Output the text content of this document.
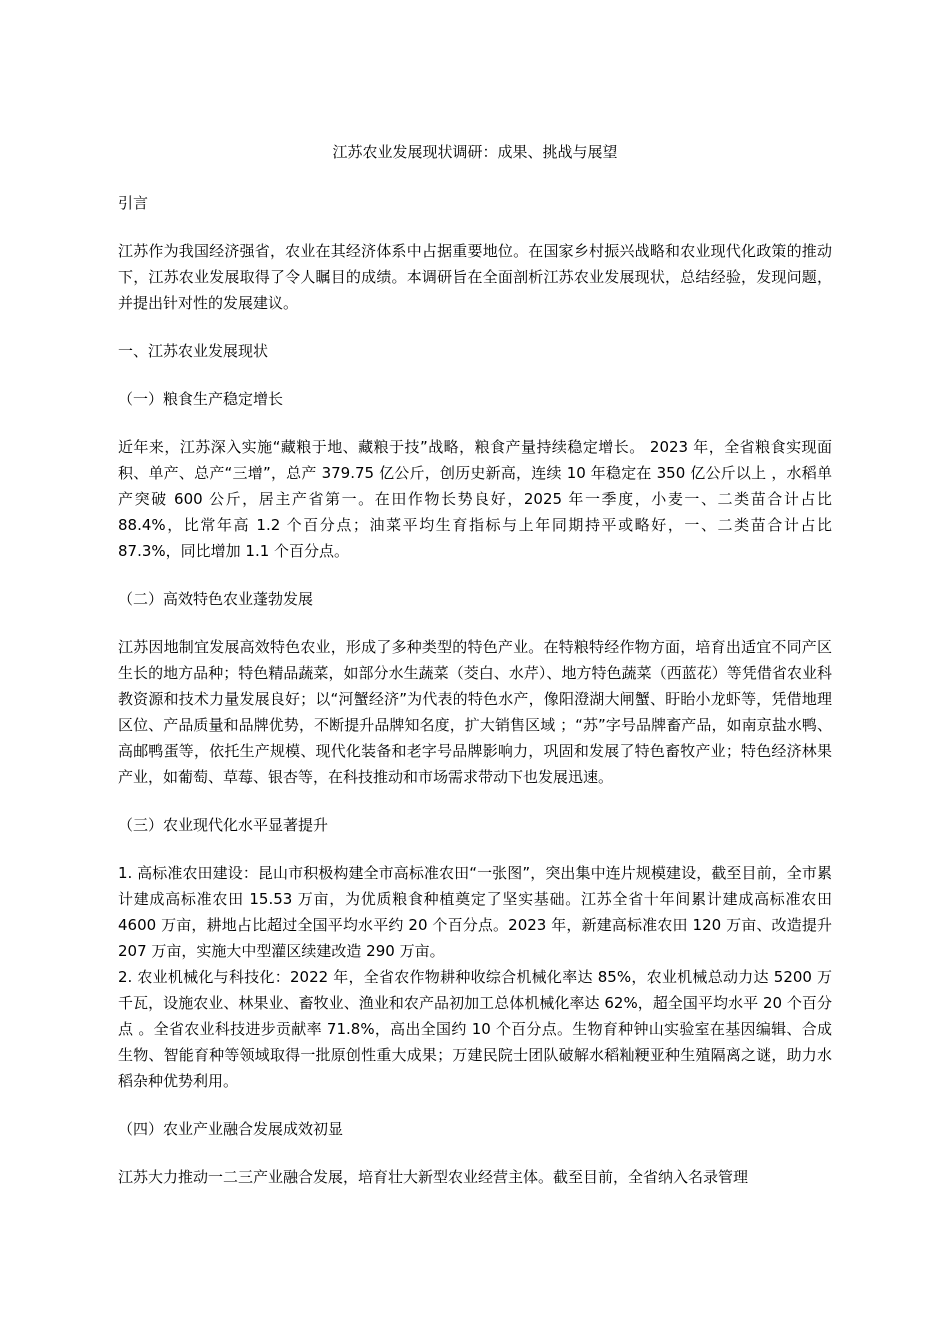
江苏农业发展现状调研：成果、挑战与展望
引言
江苏作为我国经济强省，农业在其经济体系中占据重要地位。在国家乡村振兴战略和农业现代化政策的推动下，江苏农业发展取得了令人瞩目的成绩。本调研旨在全面剖析江苏农业发展现状，总结经验，发现问题，并提出针对性的发展建议。
一、江苏农业发展现状
（一）粮食生产稳定增长
近年来，江苏深入实施“藏粮于地、藏粮于技”战略，粮食产量持续稳定增长。 2023 年，全省粮食实现面积、单产、总产“三增”，总产 379.75 亿公斤，创历史新高，连续 10 年稳定在 350 亿公斤以上 ，水稻单产突破 600 公斤，居主产省第一。在田作物长势良好，2025 年一季度，小麦一、二类苗合计占比 88.4%，比常年高 1.2 个百分点；油菜平均生育指标与上年同期持平或略好，一、二类苗合计占比 87.3%，同比增加 1.1 个百分点。
（二）高效特色农业蓬勃发展
江苏因地制宜发展高效特色农业，形成了多种类型的特色产业。在特粮特经作物方面，培育出适宜不同产区生长的地方品种；特色精品蔬菜，如部分水生蔬菜（茭白、水芹）、地方特色蔬菜（西蓝花）等凭借省农业科教资源和技术力量发展良好；以“河蟹经济”为代表的特色水产，像阳澄湖大闸蟹、盱眙小龙虾等，凭借地理区位、产品质量和品牌优势，不断提升品牌知名度，扩大销售区域 ；“苏”字号品牌畜产品，如南京盐水鸭、高邮鸭蛋等，依托生产规模、现代化装备和老字号品牌影响力，巩固和发展了特色畜牧产业；特色经济林果产业，如葡萄、草莓、银杏等，在科技推动和市场需求带动下也发展迅速。
（三）农业现代化水平显著提升
1. 高标准农田建设：昆山市积极构建全市高标准农田“一张图”，突出集中连片规模建设，截至目前，全市累计建成高标准农田 15.53 万亩，为优质粮食种植奠定了坚实基础。江苏全省十年间累计建成高标准农田 4600 万亩，耕地占比超过全国平均水平约 20 个百分点。2023 年，新建高标准农田 120 万亩、改造提升 207 万亩，实施大中型灌区续建改造 290 万亩。
2. 农业机械化与科技化：2022 年，全省农作物耕种收综合机械化率达 85%，农业机械总动力达 5200 万千瓦，设施农业、林果业、畜牧业、渔业和农产品初加工总体机械化率达 62%，超全国平均水平 20 个百分点 。全省农业科技进步贡献率 71.8%，高出全国约 10 个百分点。生物育种钟山实验室在基因编辑、合成生物、智能育种等领域取得一批原创性重大成果；万建民院士团队破解水稻籼粳亚种生殖隔离之谜，助力水稻杂种优势利用。
（四）农业产业融合发展成效初显
江苏大力推动一二三产业融合发展，培育壮大新型农业经营主体。截至目前，全省纳入名录管理
